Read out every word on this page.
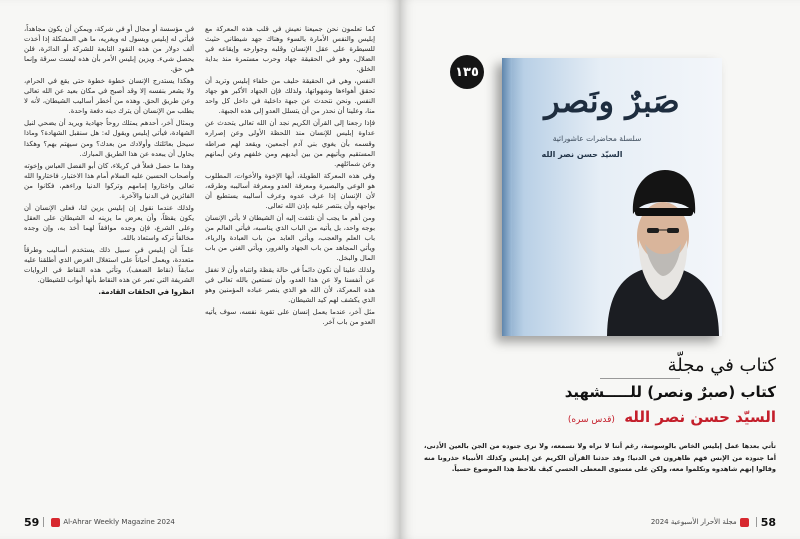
كما تعلمون نحن جميعنا نعيش في قلب هذه المعركة مع إبليس والنفس الأمارة بالسوء وهناك جهد شيطاني حثيث للسيطرة على عقل الإنسان وقلبه وجوارحه وإيقاعه في الضلال، وهو في الحقيقة جهاد وحرب مستمرة منذ بداية الخلق.

النفس، وهي في الحقيقة حليف من حلفاء إبليس وتريد أن تحقق أهواءها وشهواتها، ولذلك فإن الجهاد الأكبر هو جهاد النفس. ونحن نتحدث عن جبهة داخلية في داخل كل واحد منا، وعلينا أن نحذر من أن يتسلل العدو إلى هذه الجبهة.

فإذا رجعنا إلى القرآن الكريم نجد أن الله تعالى يتحدث عن عداوة إبليس للإنسان منذ اللحظة الأولى وعن إصراره وقسمه بأن يغوي بني آدم أجمعين، ويقعد لهم صراطه المستقيم ويأتيهم من بين أيديهم ومن خلفهم وعن أيمانهم وعن شمائلهم.

وفي هذه المعركة الطويلة، أيها الإخوة والأخوات، المطلوب هو الوعي والبصيرة ومعرفة العدو ومعرفة أساليبه وطرقه، لأن الإنسان إذا عرف عدوه وعرف أساليبه يستطيع أن يواجهه وأن ينتصر عليه بإذن الله تعالى.

ومن أهم ما يجب أن نلتفت إليه أن الشيطان لا يأتي الإنسان بوجه واحد، بل يأتيه من الباب الذي يناسبه، فيأتي العالم من باب العلم والعجب، ويأتي العابد من باب العبادة والرياء، ويأتي المجاهد من باب الجهاد والغرور، ويأتي الغني من باب المال والبخل.

ولذلك علينا أن نكون دائماً في حالة يقظة وانتباه وأن لا نغفل عن أنفسنا ولا عن هذا العدو، وأن نستعين بالله تعالى في هذه المعركة، لأن الله هو الذي ينصر عباده المؤمنين وهو الذي يكشف لهم كيد الشيطان.

مثل آخر، عندما يعمل إنسان على تقوية نفسه، سوف يأتيه العدو من باب آخر.

في مؤسسة أو مجال أو في شركة، ويمكن أن يكون مجاهداً، فيأتي له إبليس ويسول له ويغريه، ما هي المشكلة إذا أخذت ألف دولار من هذه النقود التابعة للشركة أو الدائرة، فلن يحصل شيء. ويزين إبليس الأمر بأن هذه ليست سرقة وإنما هي حق.

وهكذا يستدرج الإنسان خطوة خطوة حتى يقع في الحرام، ولا يشعر بنفسه إلا وقد أصبح في مكان بعيد عن الله تعالى وعن طريق الحق. وهذه من أخطر أساليب الشيطان، لأنه لا يطلب من الإنسان أن يترك دينه دفعة واحدة.

وبمثال آخر، أحدهم يمتلك روحاً جهادية ويريد أن يضحي لنيل الشهادة، فيأتي إبليس ويقول له: هل سنقبل الشهادة؟ وماذا سيحل بعائلتك وأولادك من بعدك؟ ومن سيهتم بهم؟ وهكذا يحاول أن يبعده عن هذا الطريق المبارك.

وهذا ما حصل فعلاً في كربلاء، كان أبو الفضل العباس وإخوته وأصحاب الحسين عليه السلام أمام هذا الاختبار، فاختاروا الله تعالى واختاروا إمامهم وتركوا الدنيا وراءهم، فكانوا من الفائزين في الدنيا والآخرة.

ولذلك عندما نقول إن إبليس يزين لنا، فعلى الإنسان أن يكون يقظاً، وأن يعرض ما يزينه له الشيطان على العقل وعلى الشرع، فإن وجده موافقاً لهما أخذ به، وإن وجده مخالفاً تركه واستعاذ بالله.

علماً أن إبليس في سبيل ذلك يستخدم أساليب وطرقاً متعددة، ويعمل أحياناً على استغلال الغرض الذي أطلقنا عليه سابقاً (نقاط الضعف)، وتأتي هذه النقاط في الروايات الشريفة التي تعبر عن هذه النقاط بأنها أبواب للشيطان.

انظروا في الحلقات القادمة.

59	Al-Ahrar Weekly Magazine 2024
صَبرٌ ونَصر
سلسلة محاضرات عاشورائية
السيّد حسن نصر الله
١٣٥
كتاب في مجلّة
كتاب (صبرٌ ونصر) للـــــشهيد
السيّد حسن نصر الله (قدس سره)
تأتي بعدها عمل إبليس الخاص بالوسوسة، رغم أننا لا نراه ولا نسمعه، ولا نرى جنوده من الجن بالعين الأدنى، أما جنوده من الإنس فهم ظاهرون في الدنيا؛ وقد حدثنا القرآن الكريم عن إبليس وكذلك الأنبياء حذرونا منه وقالوا إنهم شاهدوه وتكلموا معه، ولكن على مستوى المعطى الحسي كيف نلاحظ هذا الموضوع حسياً.
مجلة الأحرار الأسبوعية 2024 58
